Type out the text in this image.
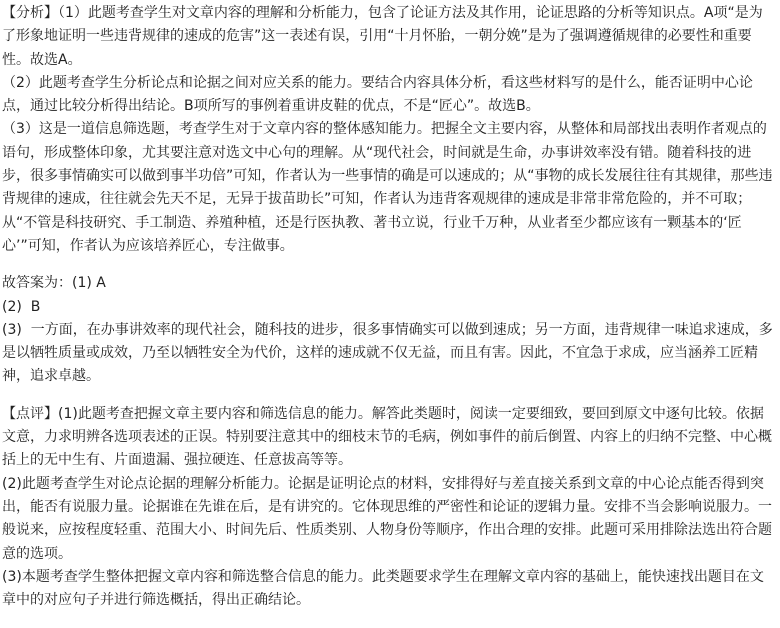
【分析】（1）此题考查学生对文章内容的理解和分析能力，包含了论证方法及其作用，论证思路的分析等知识点。A项“是为了形象地证明一些违背规律的速成的危害”这一表述有误，引用“十月怀胎，一朝分娩”是为了强调遵循规律的必要性和重要性。故选A。

（2）此题考查学生分析论点和论据之间对应关系的能力。要结合内容具体分析，看这些材料写的是什么，能否证明中心论点，通过比较分析得出结论。B项所写的事例着重讲皮鞋的优点，不是“匠心”。故选B。

（3）这是一道信息筛选题，考查学生对于文章内容的整体感知能力。把握全文主要内容，从整体和局部找出表明作者观点的语句，形成整体印象，尤其要注意对选文中心句的理解。从“现代社会，时间就是生命，办事讲效率没有错。随着科技的进步，很多事情确实可以做到事半功倍”可知，作者认为一些事情的确是可以速成的；从“事物的成长发展往往有其规律，那些违背规律的速成，往往就会先天不足，无异于拔苗助长”可知，作者认为违背客观规律的速成是非常非常危险的，并不可取；从“不管是科技研究、手工制造、养殖种植，还是行医执教、著书立说，行业千万种，从业者至少都应该有一颗基本的‘匠心’”可知，作者认为应该培养匠心，专注做事。

故答案为：(1) A

(2)  B

(3)  一方面，在办事讲效率的现代社会，随科技的进步，很多事情确实可以做到速成；另一方面，违背规律一味追求速成，多是以牺牲质量或成效，乃至以牺牲安全为代价，这样的速成就不仅无益，而且有害。因此，不宜急于求成，应当涵养工匠精神，追求卓越。

【点评】(1)此题考查把握文章主要内容和筛选信息的能力。解答此类题时，阅读一定要细致，要回到原文中逐句比较。依据文意，力求明辨各选项表述的正误。特别要注意其中的细枝末节的毛病，例如事件的前后倒置、内容上的归纳不完整、中心概括上的无中生有、片面遗漏、强拉硬连、任意拔高等等。

(2)此题考查学生对论点论据的理解分析能力。论据是证明论点的材料，安排得好与差直接关系到文章的中心论点能否得到突出，能否有说服力量。论据谁在先谁在后，是有讲究的。它体现思维的严密性和论证的逻辑力量。安排不当会影响说服力。一般说来，应按程度轻重、范围大小、时间先后、性质类别、人物身份等顺序，作出合理的安排。此题可采用排除法选出符合题意的选项。

(3)本题考查学生整体把握文章内容和筛选整合信息的能力。此类题要求学生在理解文章内容的基础上，能快速找出题目在文章中的对应句子并进行筛选概括，得出正确结论。
